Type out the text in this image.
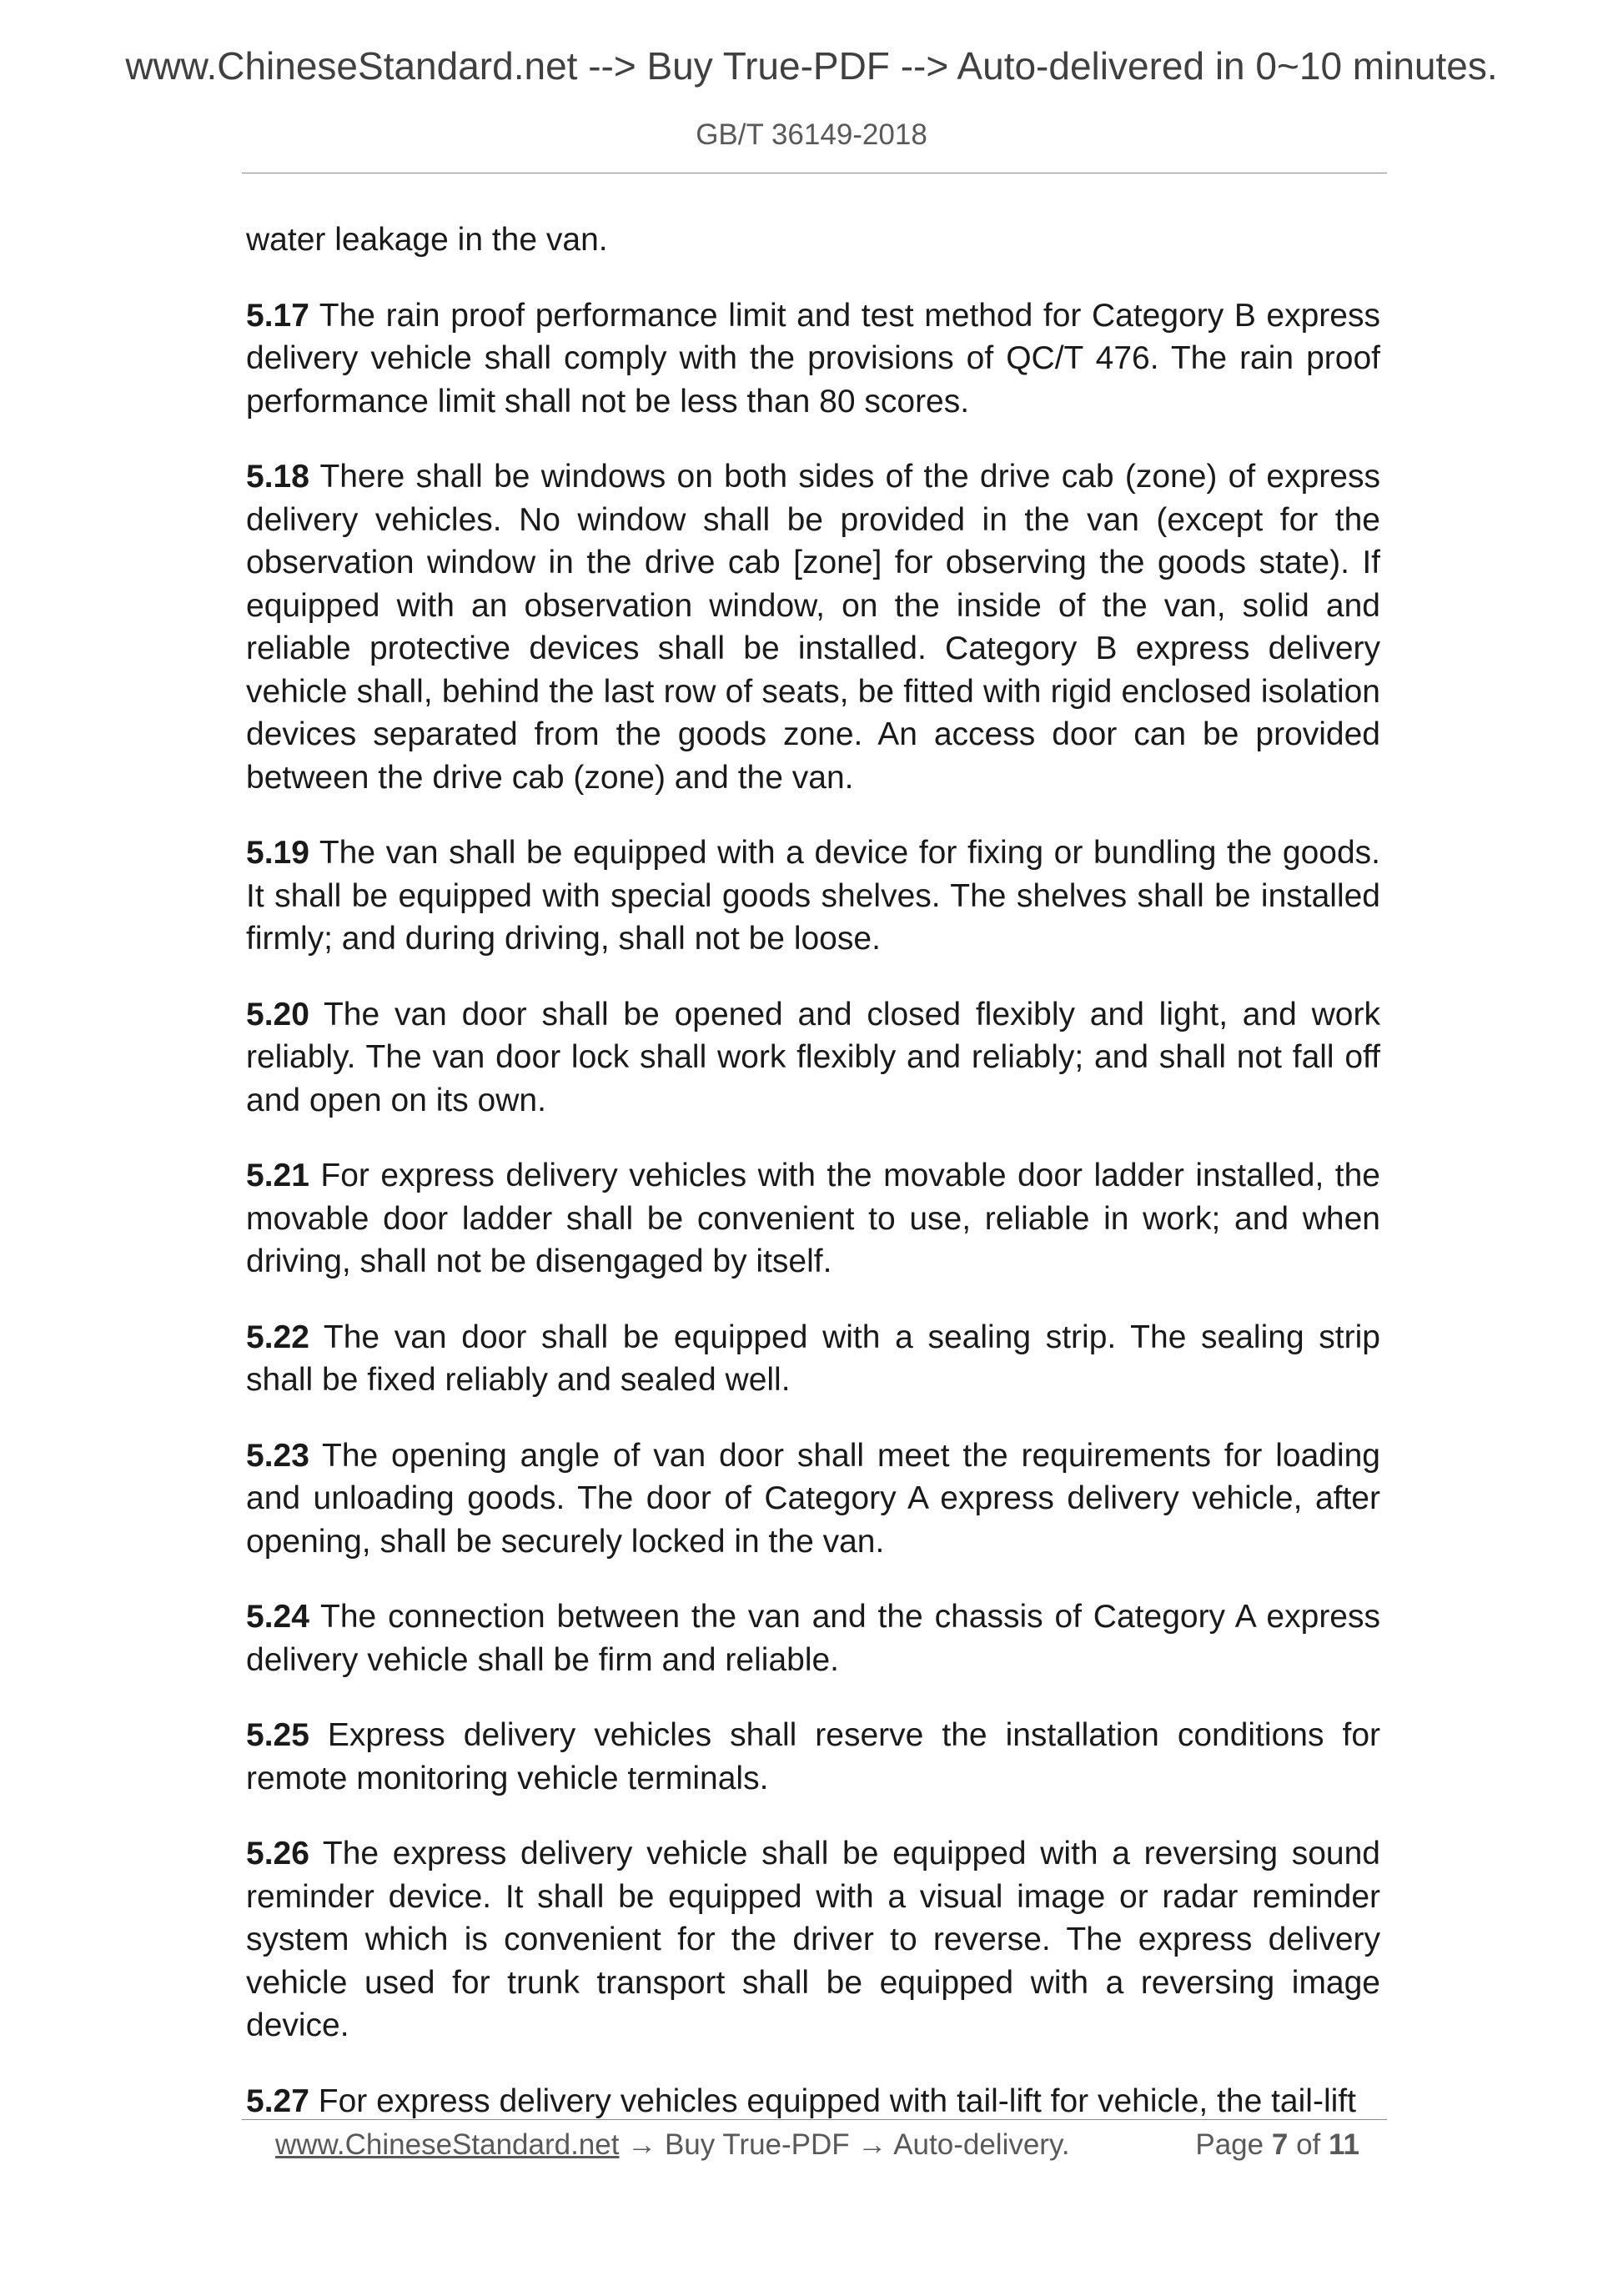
www.ChineseStandard.net --> Buy True-PDF --> Auto-delivered in 0~10 minutes.
GB/T 36149-2018

water leakage in the van.

5.17 The rain proof performance limit and test method for Category B express delivery vehicle shall comply with the provisions of QC/T 476. The rain proof performance limit shall not be less than 80 scores.

5.18 There shall be windows on both sides of the drive cab (zone) of express delivery vehicles. No window shall be provided in the van (except for the observation window in the drive cab [zone] for observing the goods state). If equipped with an observation window, on the inside of the van, solid and reliable protective devices shall be installed. Category B express delivery vehicle shall, behind the last row of seats, be fitted with rigid enclosed isolation devices separated from the goods zone. An access door can be provided between the drive cab (zone) and the van.

5.19 The van shall be equipped with a device for fixing or bundling the goods. It shall be equipped with special goods shelves. The shelves shall be installed firmly; and during driving, shall not be loose.

5.20 The van door shall be opened and closed flexibly and light, and work reliably. The van door lock shall work flexibly and reliably; and shall not fall off and open on its own.

5.21 For express delivery vehicles with the movable door ladder installed, the movable door ladder shall be convenient to use, reliable in work; and when driving, shall not be disengaged by itself.

5.22 The van door shall be equipped with a sealing strip. The sealing strip shall be fixed reliably and sealed well.

5.23 The opening angle of van door shall meet the requirements for loading and unloading goods. The door of Category A express delivery vehicle, after opening, shall be securely locked in the van.

5.24 The connection between the van and the chassis of Category A express delivery vehicle shall be firm and reliable.

5.25 Express delivery vehicles shall reserve the installation conditions for remote monitoring vehicle terminals.

5.26 The express delivery vehicle shall be equipped with a reversing sound reminder device. It shall be equipped with a visual image or radar reminder system which is convenient for the driver to reverse. The express delivery vehicle used for trunk transport shall be equipped with a reversing image device.

5.27 For express delivery vehicles equipped with tail-lift for vehicle, the tail-lift

www.ChineseStandard.net → Buy True-PDF → Auto-delivery.	Page 7 of 11
